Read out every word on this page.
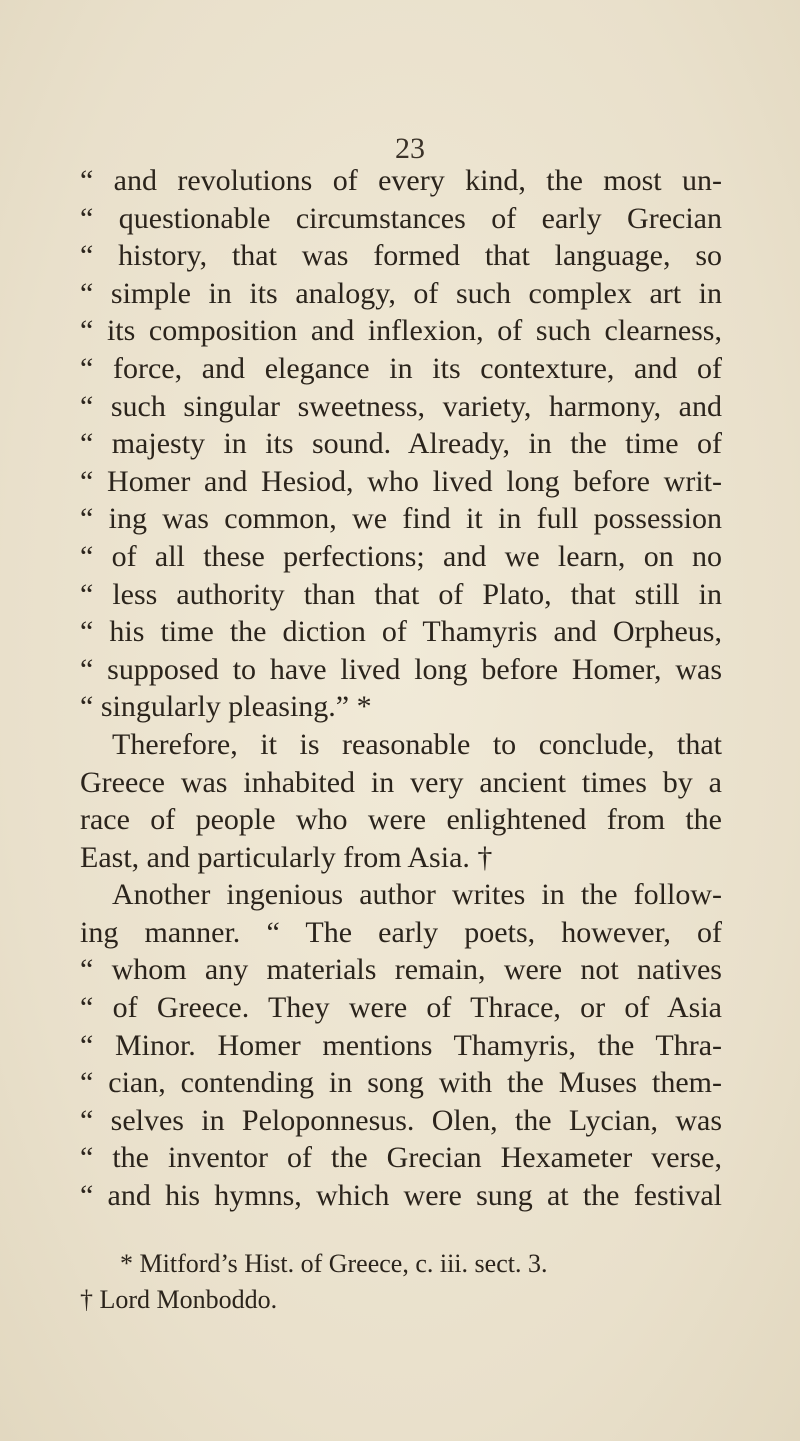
23
“ and revolutions of every kind, the most un-
“ questionable circumstances of early Grecian
“ history, that was formed that language, so
“ simple in its analogy, of such complex art in
“ its composition and inflexion, of such clearness,
“ force, and elegance in its contexture, and of
“ such singular sweetness, variety, harmony, and
“ majesty in its sound. Already, in the time of
“ Homer and Hesiod, who lived long before writ-
“ ing was common, we find it in full possession
“ of all these perfections; and we learn, on no
“ less authority than that of Plato, that still in
“ his time the diction of Thamyris and Orpheus,
“ supposed to have lived long before Homer, was
“ singularly pleasing.” *
Therefore, it is reasonable to conclude, that
Greece was inhabited in very ancient times by a
race of people who were enlightened from the
East, and particularly from Asia. †
Another ingenious author writes in the follow-
ing manner. “ The early poets, however, of
“ whom any materials remain, were not natives
“ of Greece. They were of Thrace, or of Asia
“ Minor. Homer mentions Thamyris, the Thra-
“ cian, contending in song with the Muses them-
“ selves in Peloponnesus. Olen, the Lycian, was
“ the inventor of the Grecian Hexameter verse,
“ and his hymns, which were sung at the festival
* Mitford’s Hist. of Greece, c. iii. sect. 3.
† Lord Monboddo.
